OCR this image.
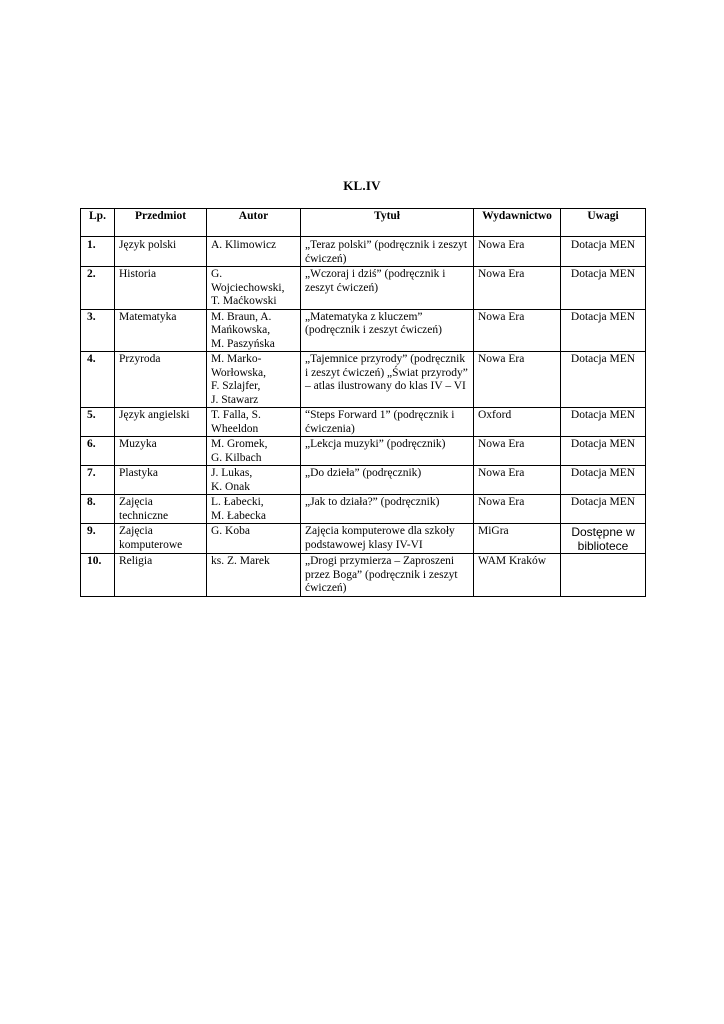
KL.IV
Lp.	Przedmiot	Autor	Tytuł	Wydawnictwo	Uwagi
1.	Język polski	A. Klimowicz	„Teraz polski” (podręcznik i zeszyt ćwiczeń)	Nowa Era	Dotacja MEN
2.	Historia	G.
Wojciechowski,
T. Maćkowski	„Wczoraj i dziś” (podręcznik i zeszyt ćwiczeń)	Nowa Era	Dotacja MEN
3.	Matematyka	M. Braun, A.
Mańkowska,
M. Paszyńska	„Matematyka z kluczem” (podręcznik i zeszyt ćwiczeń)	Nowa Era	Dotacja MEN
4.	Przyroda	M. Marko-
Worłowska,
F. Szlajfer,
J. Stawarz	„Tajemnice przyrody” (podręcznik i zeszyt ćwiczeń) „Świat przyrody” – atlas ilustrowany do klas IV – VI	Nowa Era	Dotacja MEN
5.	Język angielski	T. Falla, S.
Wheeldon	“Steps Forward 1” (podręcznik i ćwiczenia)	Oxford	Dotacja MEN
6.	Muzyka	M. Gromek,
G. Kilbach	„Lekcja muzyki” (podręcznik)	Nowa Era	Dotacja MEN
7.	Plastyka	J. Lukas,
K. Onak	„Do dzieła” (podręcznik)	Nowa Era	Dotacja MEN
8.	Zajęcia
techniczne	L. Łabecki,
M. Łabecka	„Jak to działa?” (podręcznik)	Nowa Era	Dotacja MEN
9.	Zajęcia
komputerowe	G. Koba	Zajęcia komputerowe dla szkoły podstawowej klasy IV-VI	MiGra	Dostępne w bibliotece
10.	Religia	ks. Z. Marek	„Drogi przymierza – Zaproszeni przez Boga” (podręcznik i zeszyt ćwiczeń)	WAM Kraków	
